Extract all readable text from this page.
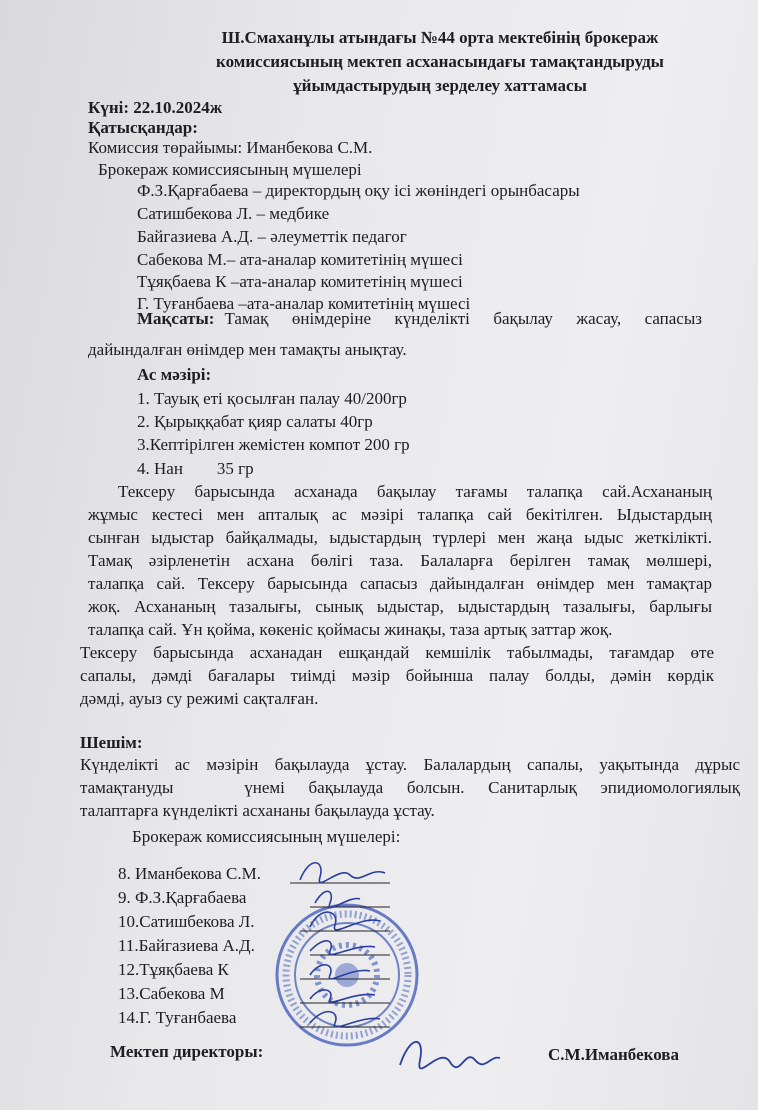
Ш.Смаханұлы атындағы №44 орта мектебінің брокераж
комиссиясының мектеп асханасындағы тамақтандыруды
ұйымдастырудың зерделеу хаттамасы
Күні: 22.10.2024ж
Қатысқандар:
Комиссия төрайымы: Иманбекова С.М.
Брокераж комиссиясының мүшелері
Ф.З.Қарғабаева – директордың оқу ісі жөніндегі орынбасары
Сатишбекова Л. – медбике
Байгазиева А.Д. – әлеуметтік педагог
Сабекова М.– ата-аналар комитетінің мүшесі
Тұяқбаева К –ата-аналар комитетінің мүшесі
Г. Туғанбаева –ата-аналар комитетінің мүшесі
Мақсаты: Тамақ өнімдеріне күнделікті бақылау жасау, сапасыз
дайындалған өнімдер мен тамақты анықтау.
Ас мәзірі:
1. Тауық еті қосылған палау 40/200гр
2. Қырыққабат қияр салаты 40гр
3.Кептірілген жемістен компот 200 гр
4. Нан        35 гр
Тексеру барысында асханада бақылау тағамы талапқа сай.Асхананың
жұмыс кестесі мен апталық ас мәзірі талапқа сай бекітілген. Ыдыстардың
сынған ыдыстар байқалмады, ыдыстардың түрлері мен жаңа ыдыс жеткілікті.
Тамақ әзірленетін асхана бөлігі таза. Балаларға берілген тамақ мөлшері,
талапқа сай. Тексеру барысында сапасыз дайындалған өнімдер мен тамақтар
жоқ. Асхананың тазалығы, сынық ыдыстар, ыдыстардың тазалығы, барлығы
талапқа сай. Ұн қойма, көкеніс қоймасы жинақы, таза артық заттар жоқ.
Тексеру барысында асханадан ешқандай кемшілік табылмады, тағамдар өте
сапалы, дәмді бағалары тиімді мәзір бойынша палау болды, дәмін көрдік
дәмді, ауыз су режимі сақталған.
Шешім:
Күнделікті ас мәзірін бақылауда ұстау. Балалардың сапалы, уақытында дұрыс
тамақтануды   үнемі бақылауда болсын. Санитарлық эпидиомологиялық
талаптарға күнделікті асхананы бақылауда ұстау.
Брокераж комиссиясының мүшелері:
8. Иманбекова С.М.
9. Ф.З.Қарғабаева
10.Сатишбекова Л.
11.Байгазиева А.Д.
12.Тұяқбаева К
13.Сабекова М
14.Г. Туғанбаева
Мектеп директоры:	С.М.Иманбекова
